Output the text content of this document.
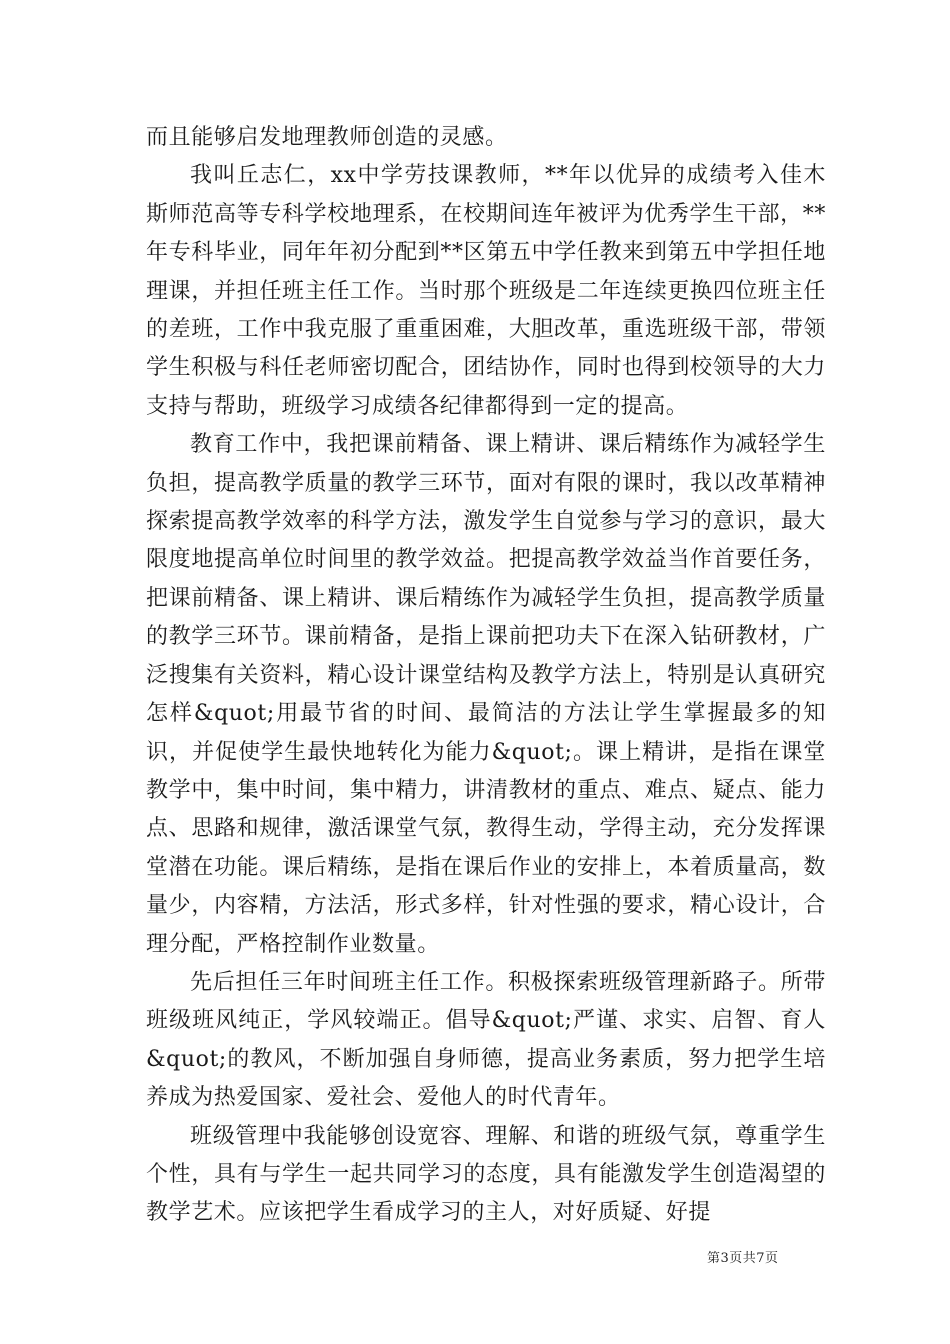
而且能够启发地理教师创造的灵感。

我叫丘志仁，xx中学劳技课教师，**年以优异的成绩考入佳木斯师范高等专科学校地理系，在校期间连年被评为优秀学生干部，**年专科毕业，同年年初分配到**区第五中学任教来到第五中学担任地理课，并担任班主任工作。当时那个班级是二年连续更换四位班主任的差班，工作中我克服了重重困难，大胆改革，重选班级干部，带领学生积极与科任老师密切配合，团结协作，同时也得到校领导的大力支持与帮助，班级学习成绩各纪律都得到一定的提高。

教育工作中，我把课前精备、课上精讲、课后精练作为减轻学生负担，提高教学质量的教学三环节，面对有限的课时，我以改革精神探索提高教学效率的科学方法，激发学生自觉参与学习的意识，最大限度地提高单位时间里的教学效益。把提高教学效益当作首要任务，把课前精备、课上精讲、课后精练作为减轻学生负担，提高教学质量的教学三环节。课前精备，是指上课前把功夫下在深入钻研教材，广泛搜集有关资料，精心设计课堂结构及教学方法上，特别是认真研究怎样&quot;用最节省的时间、最简洁的方法让学生掌握最多的知识，并促使学生最快地转化为能力&quot;。课上精讲，是指在课堂教学中，集中时间，集中精力，讲清教材的重点、难点、疑点、能力点、思路和规律，激活课堂气氛，教得生动，学得主动，充分发挥课堂潜在功能。课后精练，是指在课后作业的安排上，本着质量高，数量少，内容精，方法活，形式多样，针对性强的要求，精心设计，合理分配，严格控制作业数量。

先后担任三年时间班主任工作。积极探索班级管理新路子。所带班级班风纯正，学风较端正。倡导&quot;严谨、求实、启智、育人&quot;的教风，不断加强自身师德，提高业务素质，努力把学生培养成为热爱国家、爱社会、爱他人的时代青年。

班级管理中我能够创设宽容、理解、和谐的班级气氛，尊重学生个性，具有与学生一起共同学习的态度，具有能激发学生创造渴望的教学艺术。应该把学生看成学习的主人，对好质疑、好提

第3页共7页
